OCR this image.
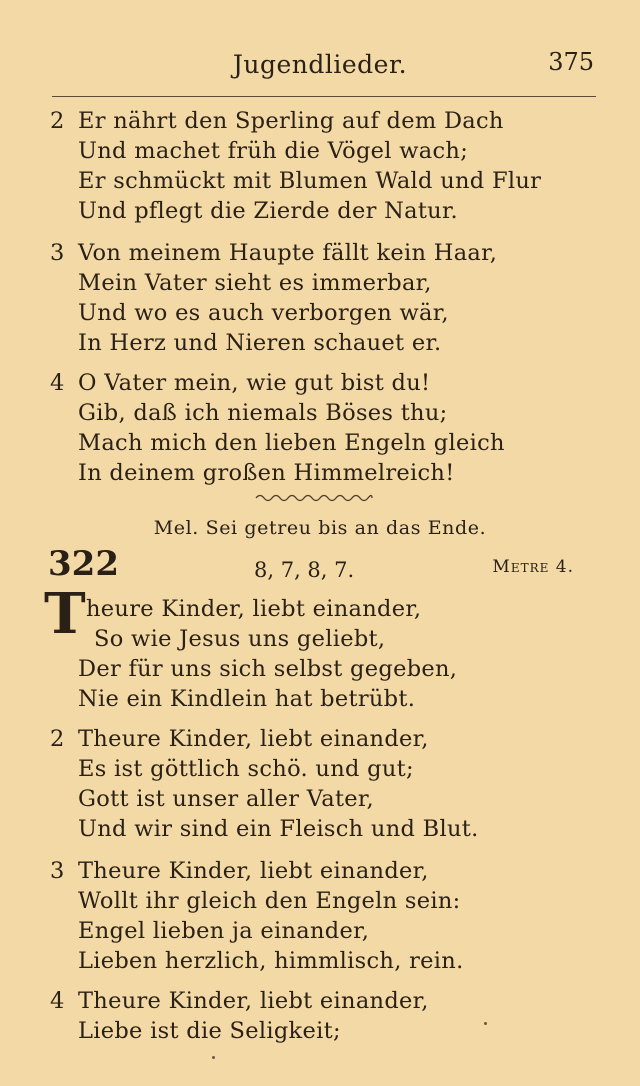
Jugendlieder.	375
2 Er nährt den Sperling auf dem Dach
Und machet früh die Vögel wach;
Er schmückt mit Blumen Wald und Flur
Und pflegt die Zierde der Natur.
3 Von meinem Haupte fällt kein Haar,
Mein Vater sieht es immerbar,
Und wo es auch verborgen wär,
In Herz und Nieren schauet er.
4 O Vater mein, wie gut bist du!
Gib, daß ich niemals Böses thu;
Mach mich den lieben Engeln gleich
In deinem großen Himmelreich!
Mel. Sei getreu bis an das Ende.
322	8, 7, 8, 7.	Metre 4.
T heure Kinder, liebt einander,
So wie Jesus uns geliebt,
Der für uns sich selbst gegeben,
Nie ein Kindlein hat betrübt.
2 Theure Kinder, liebt einander,
Es ist göttlich schö. und gut;
Gott ist unser aller Vater,
Und wir sind ein Fleisch und Blut.
3 Theure Kinder, liebt einander,
Wollt ihr gleich den Engeln sein:
Engel lieben ja einander,
Lieben herzlich, himmlisch, rein.
4 Theure Kinder, liebt einander,
Liebe ist die Seligkeit;
